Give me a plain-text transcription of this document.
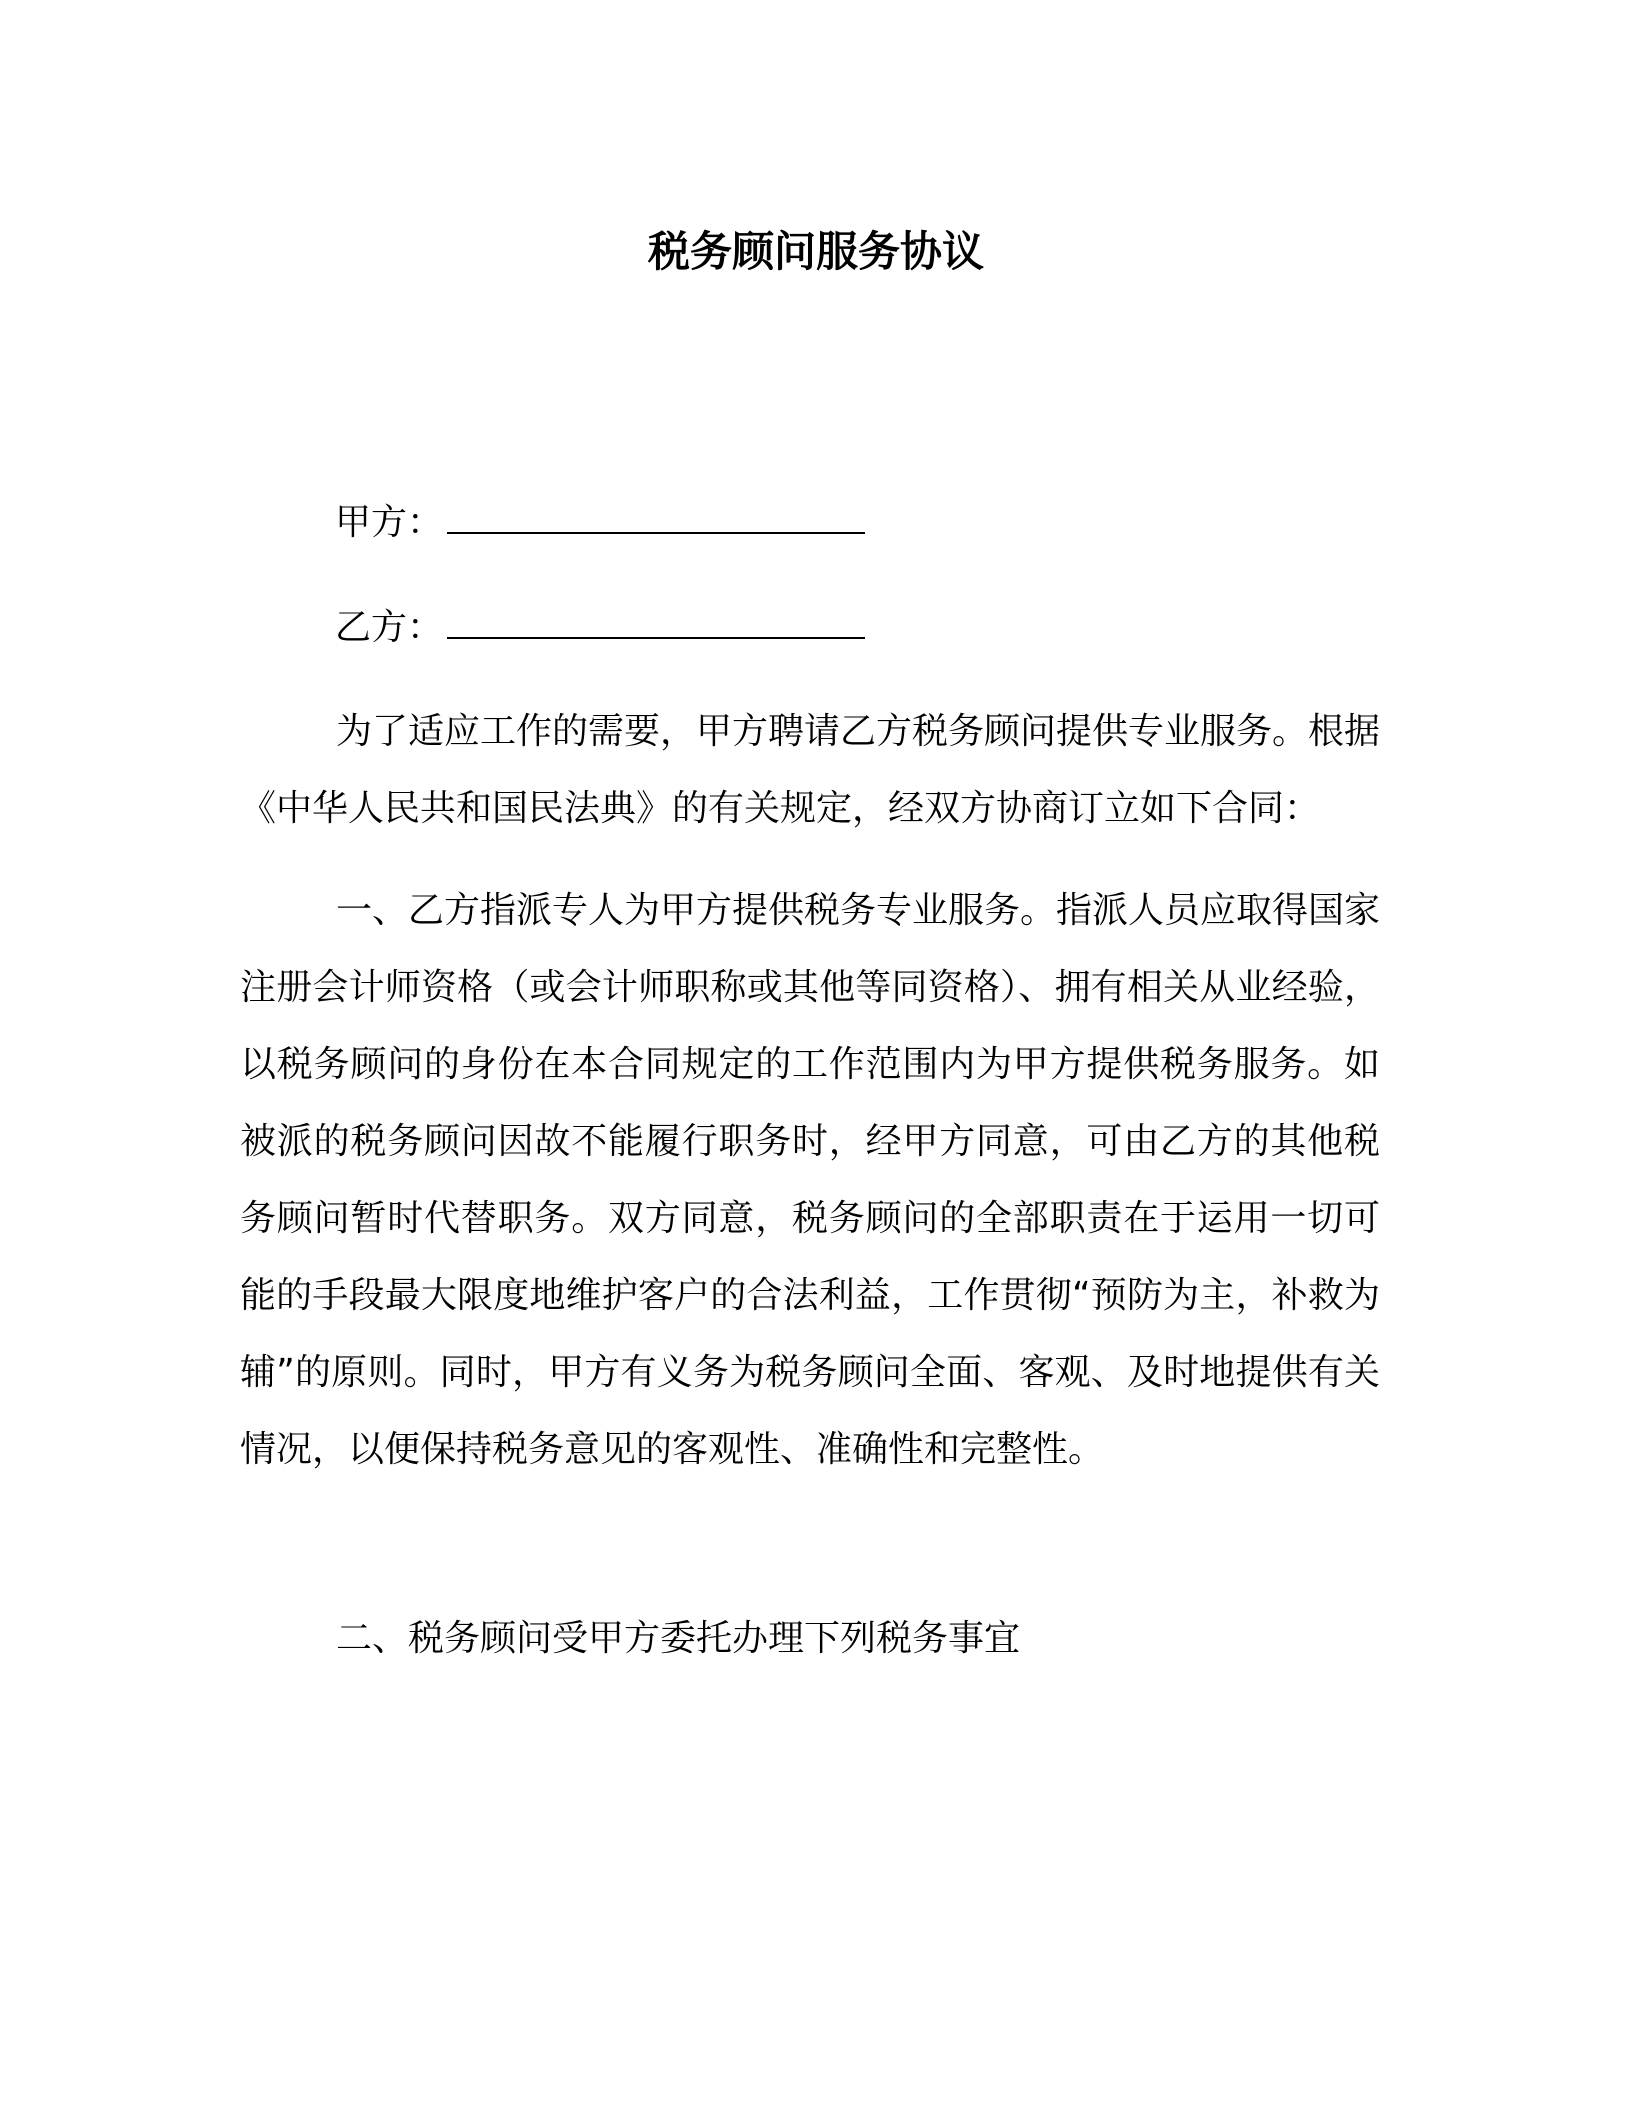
税务顾问服务协议
甲方：
乙方：

为了适应工作的需要，甲方聘请乙方税务顾问提供专业服务。根据《中华人民共和国民法典》的有关规定，经双方协商订立如下合同：

一、乙方指派专人为甲方提供税务专业服务。指派人员应取得国家注册会计师资格（或会计师职称或其他等同资格）、拥有相关从业经验，以税务顾问的身份在本合同规定的工作范围内为甲方提供税务服务。如被派的税务顾问因故不能履行职务时，经甲方同意，可由乙方的其他税务顾问暂时代替职务。双方同意，税务顾问的全部职责在于运用一切可能的手段最大限度地维护客户的合法利益，工作贯彻“预防为主，补救为辅”的原则。同时，甲方有义务为税务顾问全面、客观、及时地提供有关情况，以便保持税务意见的客观性、准确性和完整性。

二、税务顾问受甲方委托办理下列税务事宜
